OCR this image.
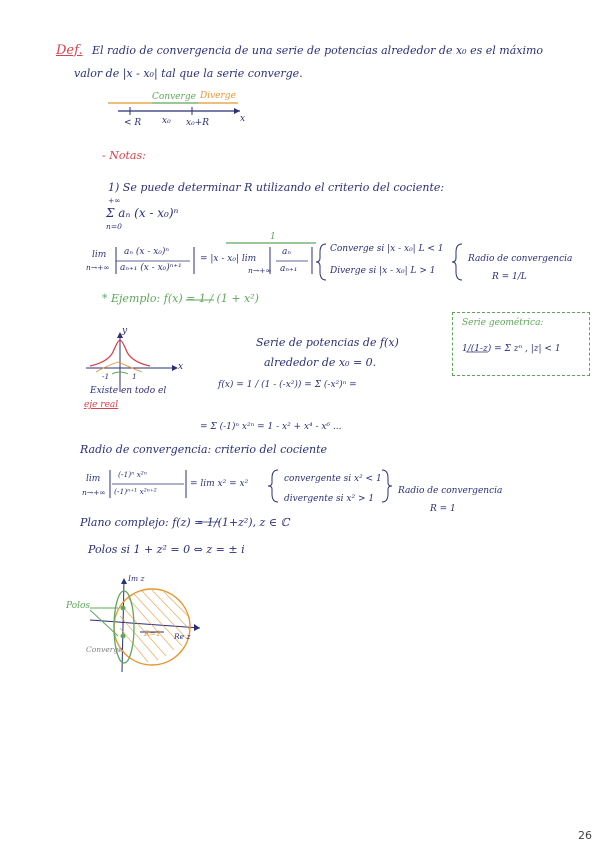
Def. El radio de convergencia de una serie de potencias alrededor de x₀ es el máximo
valor de |x - x₀| tal que la serie converge.
Converge Diverge
< R x₀ x₀+R	x
- Notas:
1) Se puede determinar R utilizando el criterio del cociente:
+∞
Σ aₙ (x - x₀)ⁿ
n=0
lim
n→+∞
aₙ (x - x₀)ⁿ
aₙ₊₁ (x - x₀)ⁿ⁺¹
= |x - x₀| lim
n→+∞
aₙ
aₙ₊₁
1
Converge si |x - x₀| L < 1
Diverge si |x - x₀| L > 1
Radio de convergencia
R = 1/L
* Ejemplo: f(x) = 1 / (1 + x²)
Serie geométrica:
1/(1-z) = Σ zⁿ , |z| < 1
Serie de potencias de f(x)
alrededor de x₀ = 0.
f(x) = 1 / (1 - (-x²)) = Σ (-x²)ⁿ =
= Σ (-1)ⁿ x²ⁿ = 1 - x² + x⁴ - x⁶ ...
x
y
-1	1
Existe en todo el
eje real
Radio de convergencia: criterio del cociente
lim
n→+∞
(-1)ⁿ x²ⁿ
(-1)ⁿ⁺¹ x²ⁿ⁺²
= lim x² = x²	convergente si x² < 1
divergente si x² > 1
Radio de convergencia
R = 1
Plano complejo: f(z) = 1/(1+z²), z ∈ ℂ
Polos si 1 + z² = 0 ⇔ z = ± i
Im z
Re z
Polos
R=1
Converge
26
